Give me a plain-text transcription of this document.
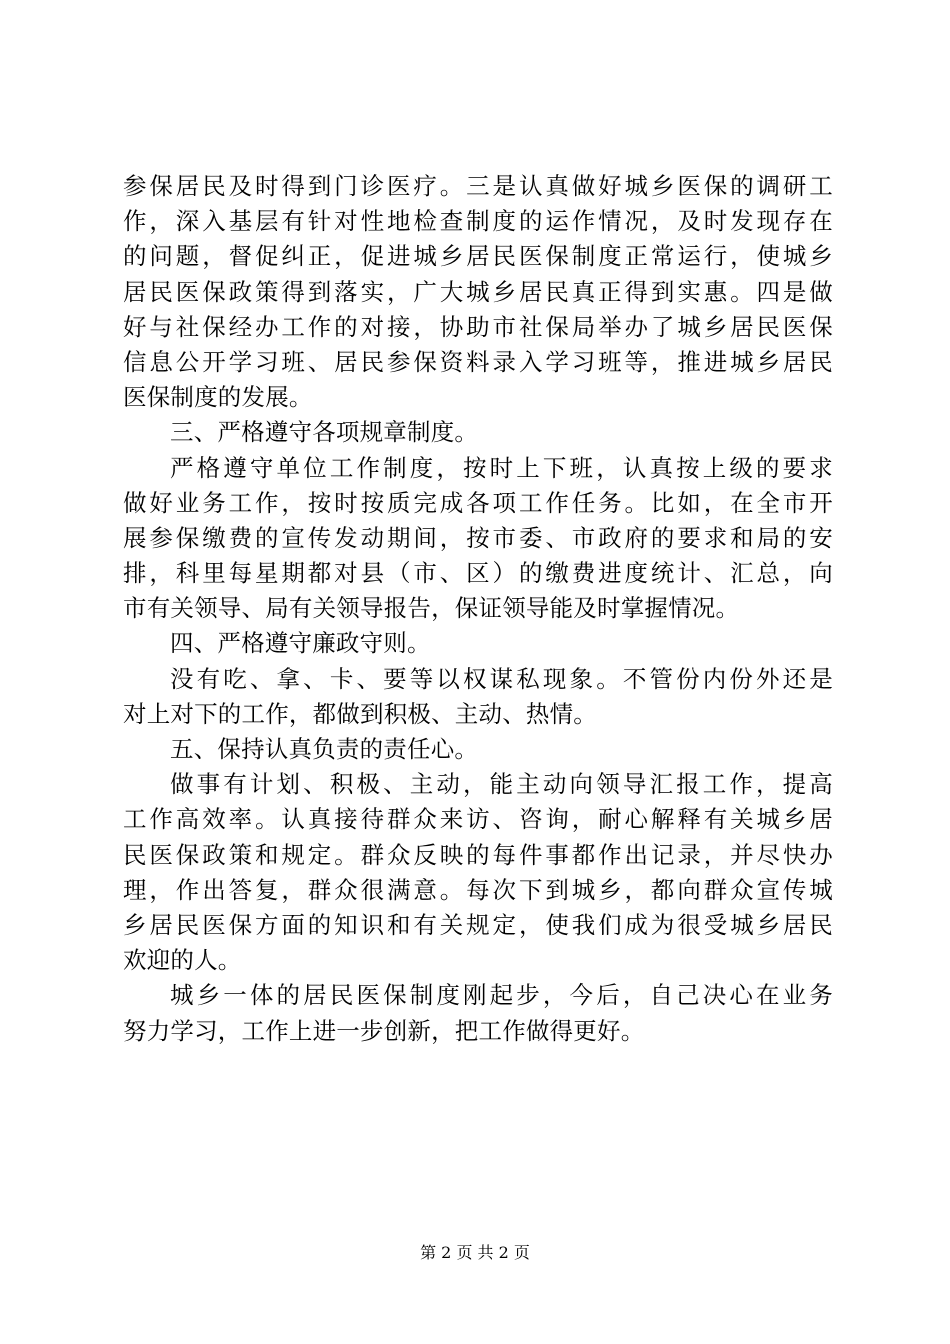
参保居民及时得到门诊医疗。三是认真做好城乡医保的调研工
作，深入基层有针对性地检查制度的运作情况，及时发现存在
的问题，督促纠正，促进城乡居民医保制度正常运行，使城乡
居民医保政策得到落实，广大城乡居民真正得到实惠。四是做
好与社保经办工作的对接，协助市社保局举办了城乡居民医保
信息公开学习班、居民参保资料录入学习班等，推进城乡居民
医保制度的发展。
三、严格遵守各项规章制度。
严格遵守单位工作制度，按时上下班，认真按上级的要求
做好业务工作，按时按质完成各项工作任务。比如，在全市开
展参保缴费的宣传发动期间，按市委、市政府的要求和局的安
排，科里每星期都对县（市、区）的缴费进度统计、汇总，向
市有关领导、局有关领导报告，保证领导能及时掌握情况。
四、严格遵守廉政守则。
没有吃、拿、卡、要等以权谋私现象。不管份内份外还是
对上对下的工作，都做到积极、主动、热情。
五、保持认真负责的责任心。
做事有计划、积极、主动，能主动向领导汇报工作，提高
工作高效率。认真接待群众来访、咨询，耐心解释有关城乡居
民医保政策和规定。群众反映的每件事都作出记录，并尽快办
理，作出答复，群众很满意。每次下到城乡，都向群众宣传城
乡居民医保方面的知识和有关规定，使我们成为很受城乡居民
欢迎的人。
城乡一体的居民医保制度刚起步，今后，自己决心在业务
努力学习，工作上进一步创新，把工作做得更好。
第 2 页 共 2 页
